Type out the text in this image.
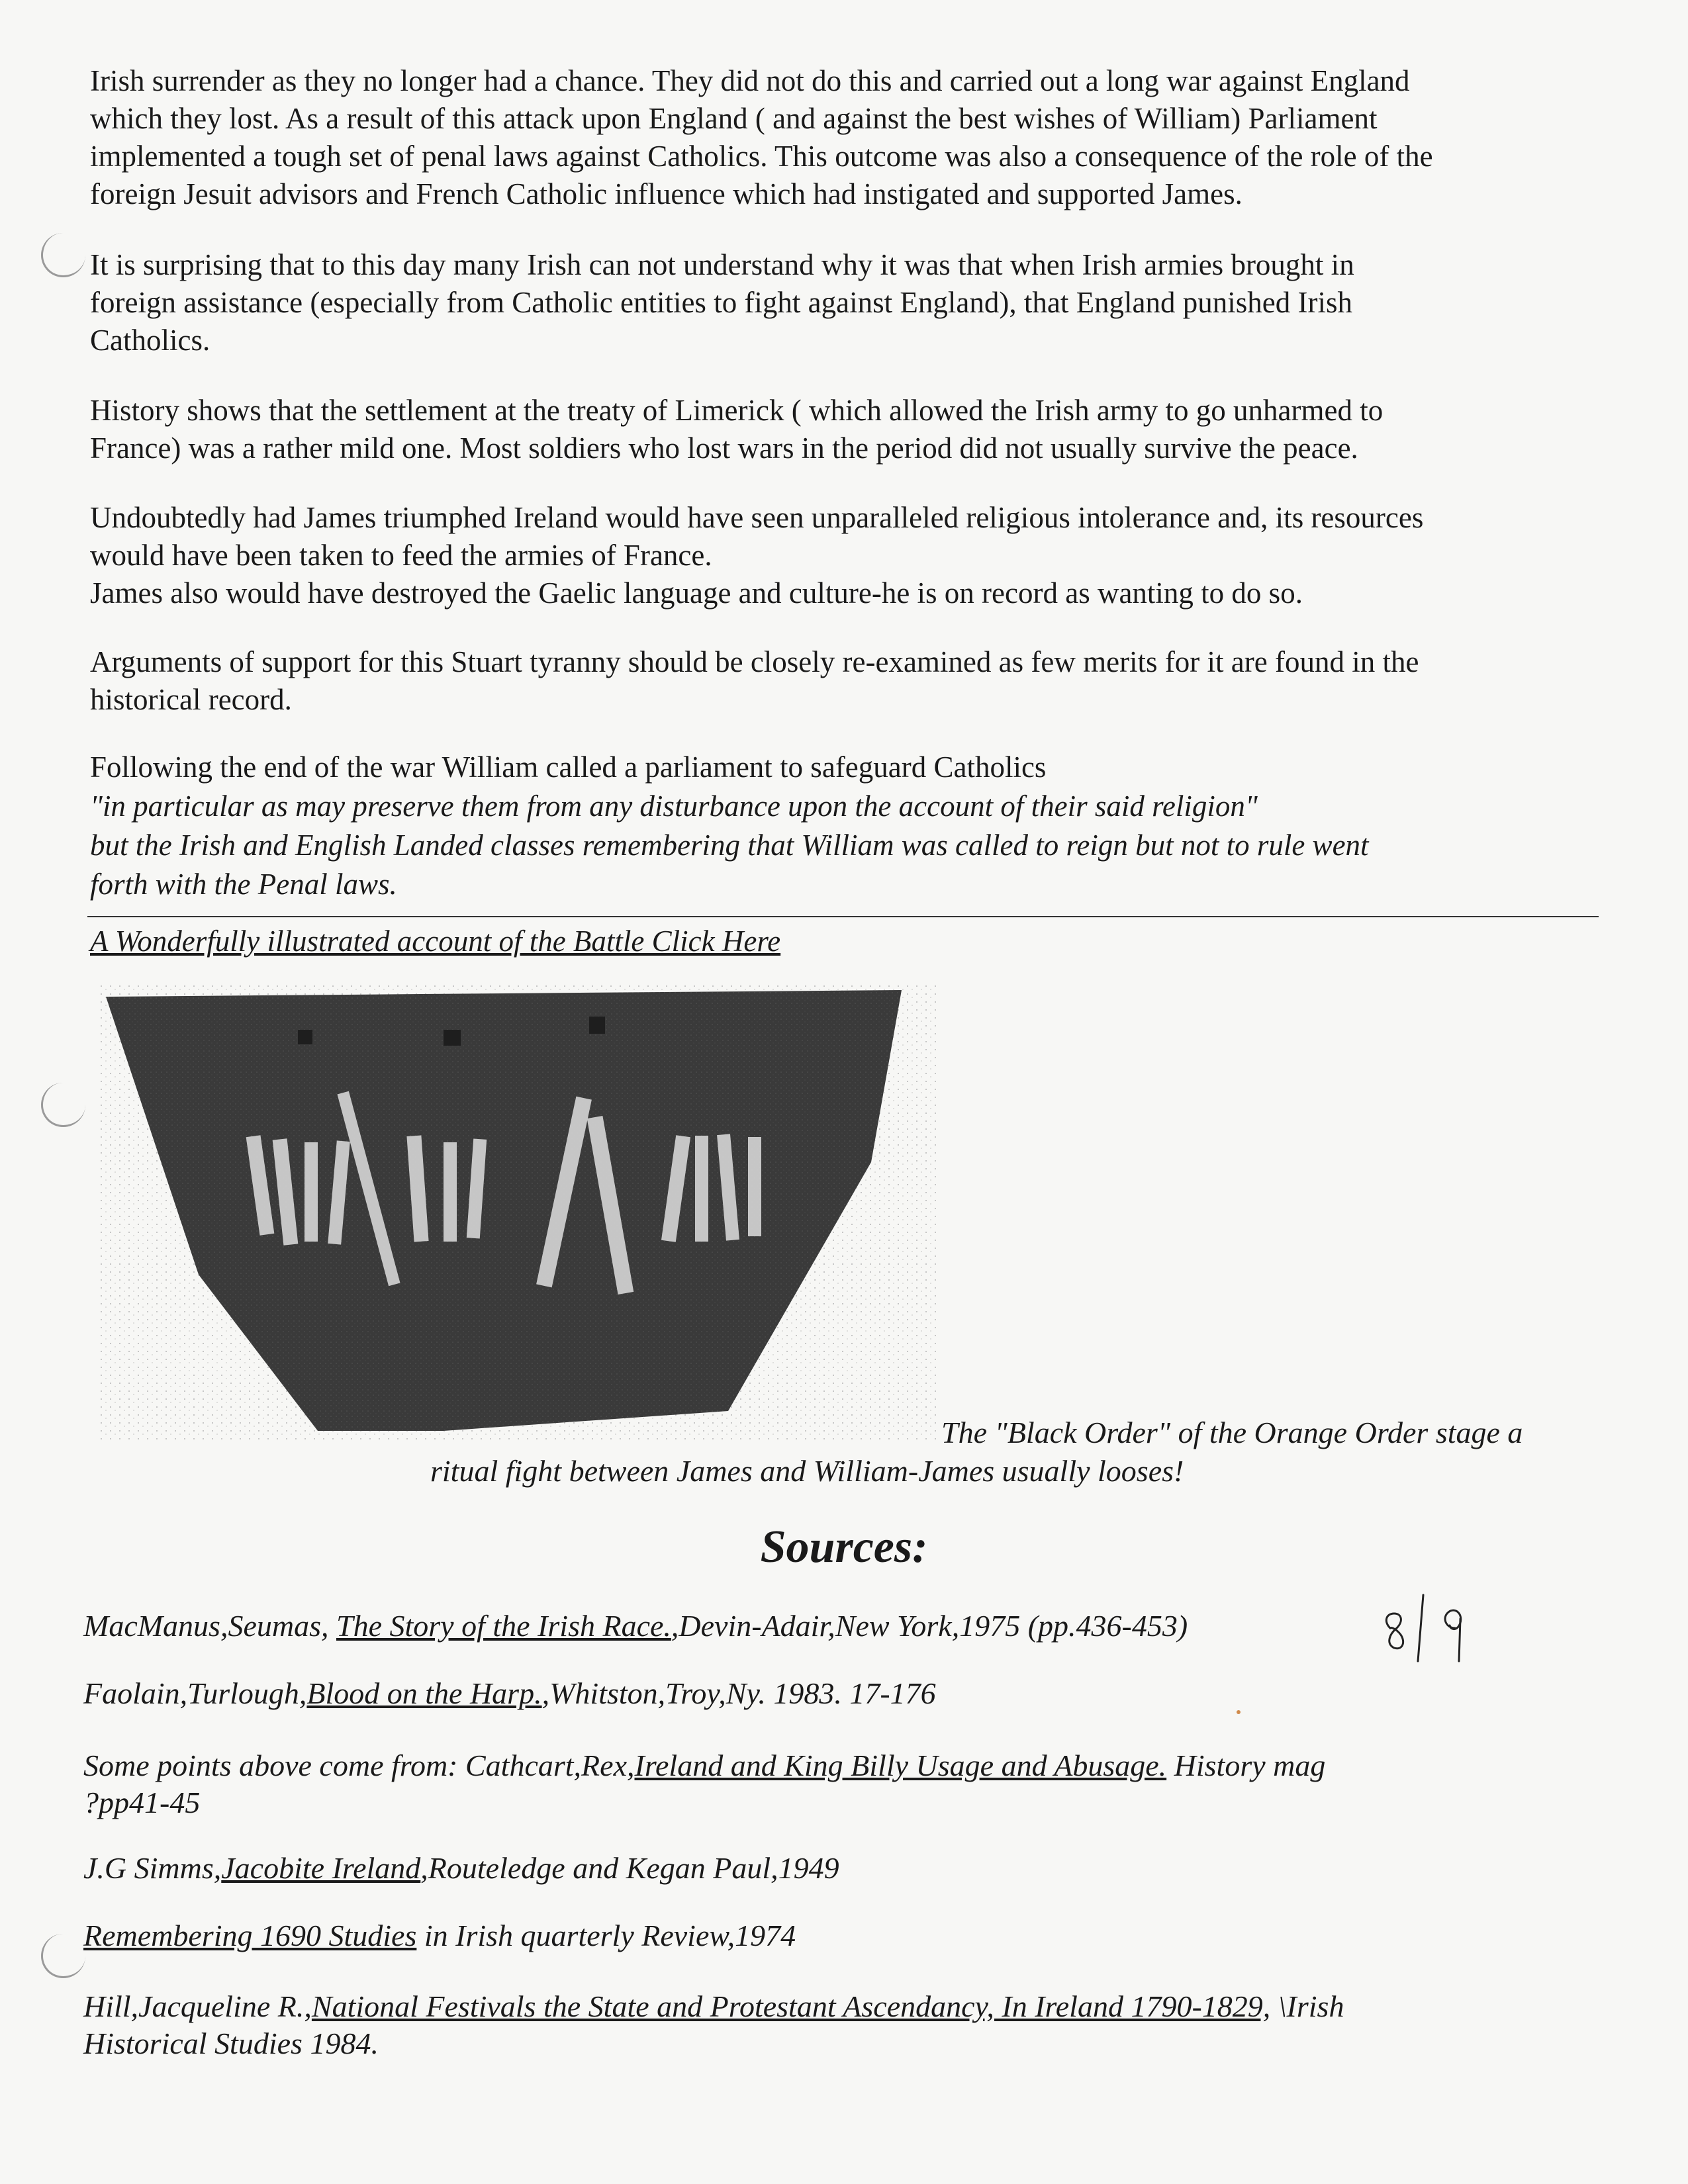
Irish surrender as they no longer had a chance. They did not do this and carried out a long war against England
which they lost. As a result of this attack upon England ( and against the best wishes of William) Parliament
implemented a tough set of penal laws against Catholics. This outcome was also a consequence of the role of the
foreign Jesuit advisors and French Catholic influence which had instigated and supported James.

It is surprising that to this day many Irish can not understand why it was that when Irish armies brought in
foreign assistance (especially from Catholic entities to fight against England), that England punished Irish
Catholics.

History shows that the settlement at the treaty of Limerick ( which allowed the Irish army to go unharmed to
France) was a rather mild one. Most soldiers who lost wars in the period did not usually survive the peace.

Undoubtedly had James triumphed Ireland would have seen unparalleled religious intolerance and, its resources
would have been taken to feed the armies of France.
James also would have destroyed the Gaelic language and culture-he is on record as wanting to do so.

Arguments of support for this Stuart tyranny should be closely re-examined as few merits for it are found in the
historical record.

Following the end of the war William called a parliament to safeguard Catholics
"in particular as may preserve them from any disturbance upon the account of their said religion"
but the Irish and English Landed classes remembering that William was called to reign but not to rule went
forth with the Penal laws.

A Wonderfully illustrated account of the Battle Click Here
The "Black Order" of the Orange Order stage a
ritual fight between James and William-James usually looses!
Sources:
MacManus,Seumas, The Story of the Irish Race.,Devin-Adair,New York,1975 (pp.436-453)
Faolain,Turlough,Blood on the Harp.,Whitston,Troy,Ny. 1983. 17-176
Some points above come from: Cathcart,Rex,Ireland and King Billy Usage and Abusage. History mag
?pp41-45
J.G Simms,Jacobite Ireland,Routeledge and Kegan Paul,1949
Remembering 1690 Studies in Irish quarterly Review,1974
Hill,Jacqueline R.,National Festivals the State and Protestant Ascendancy, In Ireland 1790-1829, \Irish
Historical Studies 1984.
